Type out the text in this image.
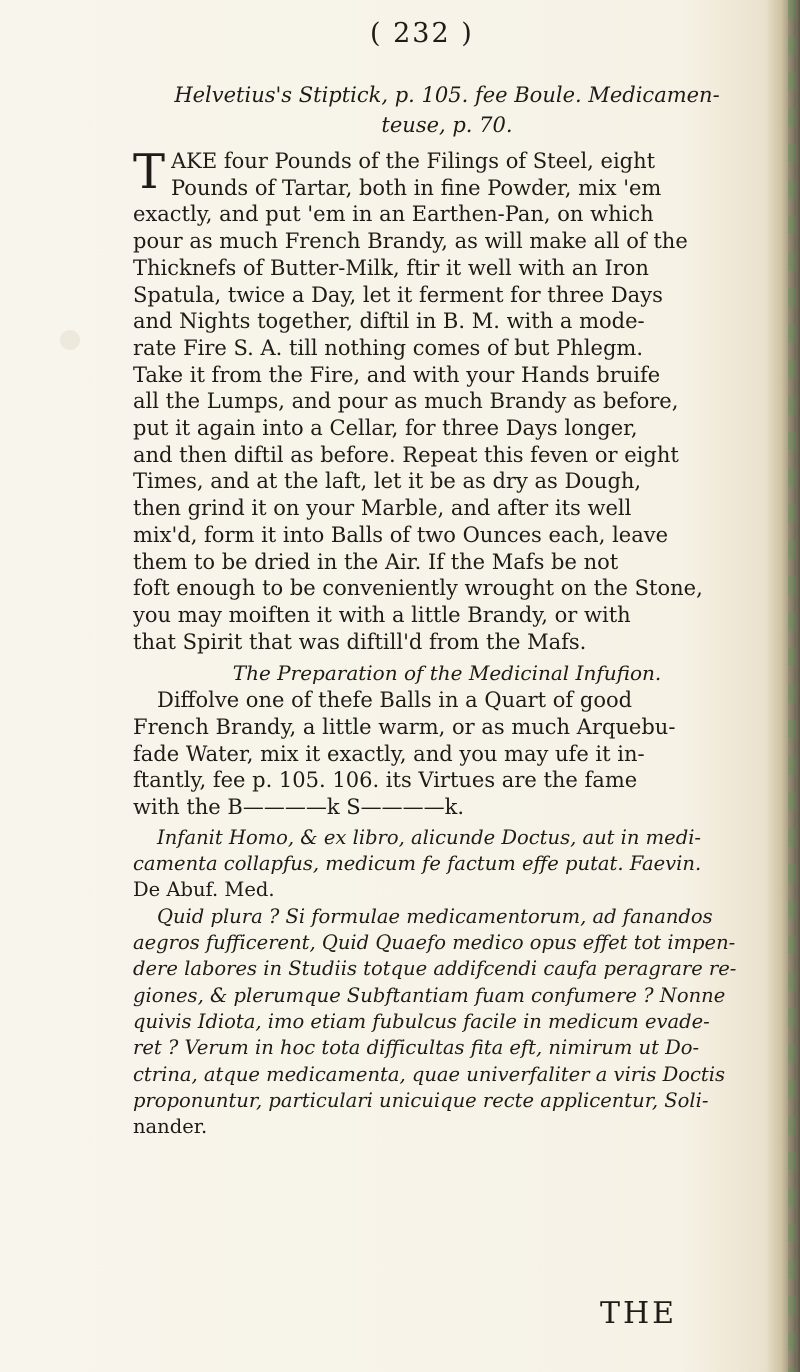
( 232 )
Helvetius's Stiptick, p. 105. fee Boule. Medicamen-
teuse, p. 70.
T AKE four Pounds of the Filings of Steel, eight
Pounds of Tartar, both in fine Powder, mix 'em
exactly, and put 'em in an Earthen-Pan, on which
pour as much French Brandy, as will make all of the
Thicknefs of Butter-Milk, ftir it well with an Iron
Spatula, twice a Day, let it ferment for three Days
and Nights together, diftil in B. M. with a mode-
rate Fire S. A. till nothing comes of but Phlegm.
Take it from the Fire, and with your Hands bruife
all the Lumps, and pour as much Brandy as before,
put it again into a Cellar, for three Days longer,
and then diftil as before. Repeat this feven or eight
Times, and at the laft, let it be as dry as Dough,
then grind it on your Marble, and after its well
mix'd, form it into Balls of two Ounces each, leave
them to be dried in the Air. If the Mafs be not
foft enough to be conveniently wrought on the Stone,
you may moiften it with a little Brandy, or with
that Spirit that was diftill'd from the Mafs.
The Preparation of the Medicinal Infufion.
Diffolve one of thefe Balls in a Quart of good
French Brandy, a little warm, or as much Arquebu-
fade Water, mix it exactly, and you may ufe it in-
ftantly, fee p. 105. 106. its Virtues are the fame
with the B————k S————k.
Infanit Homo, & ex libro, alicunde Doctus, aut in medi-
camenta collapfus, medicum fe factum effe putat. Faevin.
De Abuf. Med.
Quid plura ? Si formulae medicamentorum, ad fanandos
aegros fufficerent, Quid Quaefo medico opus effet tot impen-
dere labores in Studiis totque addifcendi caufa peragrare re-
giones, & plerumque Subftantiam fuam confumere ? Nonne
quivis Idiota, imo etiam fubulcus facile in medicum evade-
ret ? Verum in hoc tota difficultas fita eft, nimirum ut Do-
ctrina, atque medicamenta, quae univerfaliter a viris Doctis
proponuntur, particulari unicuique recte applicentur, Soli-
nander.
THE
